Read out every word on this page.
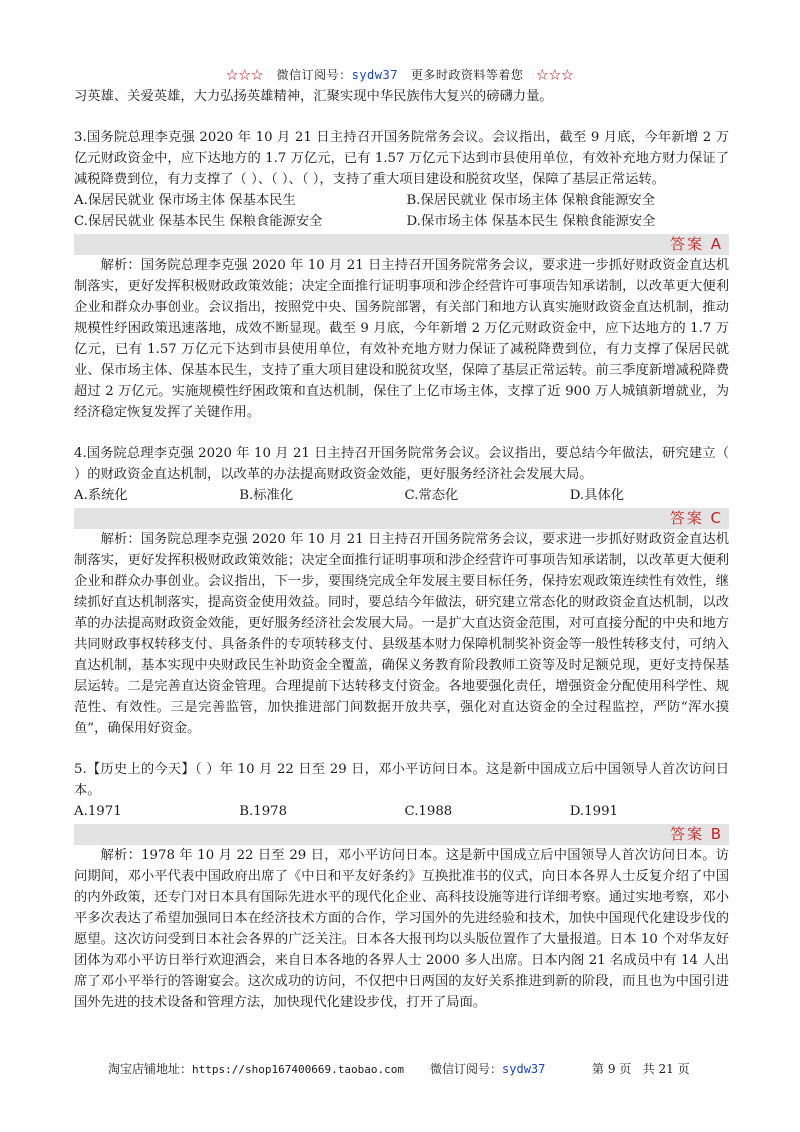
☆☆☆ 微信订阅号：sydw37 更多时政资料等着您 ☆☆☆

习英雄、关爱英雄，大力弘扬英雄精神，汇聚实现中华民族伟大复兴的磅礴力量。

3.国务院总理李克强 2020 年 10 月 21 日主持召开国务院常务会议。会议指出，截至 9 月底，今年新增 2 万亿元财政资金中，应下达地方的 1.7 万亿元，已有 1.57 万亿元下达到市县使用单位，有效补充地方财力保证了减税降费到位，有力支撑了（ ）、（ ）、（ ），支持了重大项目建设和脱贫攻坚，保障了基层正常运转。

A.保居民就业 保市场主体 保基本民生	B.保居民就业 保市场主体 保粮食能源安全
C.保居民就业 保基本民生 保粮食能源安全	D.保市场主体 保基本民生 保粮食能源安全
答案 A

解析：国务院总理李克强 2020 年 10 月 21 日主持召开国务院常务会议，要求进一步抓好财政资金直达机制落实，更好发挥积极财政政策效能；决定全面推行证明事项和涉企经营许可事项告知承诺制，以改革更大便利企业和群众办事创业。会议指出，按照党中央、国务院部署，有关部门和地方认真实施财政资金直达机制，推动规模性纾困政策迅速落地，成效不断显现。截至 9 月底，今年新增 2 万亿元财政资金中，应下达地方的 1.7 万亿元，已有 1.57 万亿元下达到市县使用单位，有效补充地方财力保证了减税降费到位，有力支撑了保居民就业、保市场主体、保基本民生，支持了重大项目建设和脱贫攻坚，保障了基层正常运转。前三季度新增减税降费超过 2 万亿元。实施规模性纾困政策和直达机制，保住了上亿市场主体，支撑了近 900 万人城镇新增就业，为经济稳定恢复发挥了关键作用。

4.国务院总理李克强 2020 年 10 月 21 日主持召开国务院常务会议。会议指出，要总结今年做法，研究建立（ ）的财政资金直达机制，以改革的办法提高财政资金效能，更好服务经济社会发展大局。

A.系统化	B.标准化	C.常态化	D.具体化
答案 C

解析：国务院总理李克强 2020 年 10 月 21 日主持召开国务院常务会议，要求进一步抓好财政资金直达机制落实，更好发挥积极财政政策效能；决定全面推行证明事项和涉企经营许可事项告知承诺制，以改革更大便利企业和群众办事创业。会议指出，下一步，要围绕完成全年发展主要目标任务，保持宏观政策连续性有效性，继续抓好直达机制落实，提高资金使用效益。同时，要总结今年做法，研究建立常态化的财政资金直达机制，以改革的办法提高财政资金效能，更好服务经济社会发展大局。一是扩大直达资金范围，对可直接分配的中央和地方共同财政事权转移支付、具备条件的专项转移支付、县级基本财力保障机制奖补资金等一般性转移支付，可纳入直达机制，基本实现中央财政民生补助资金全覆盖，确保义务教育阶段教师工资等及时足额兑现，更好支持保基层运转。二是完善直达资金管理。合理提前下达转移支付资金。各地要强化责任，增强资金分配使用科学性、规范性、有效性。三是完善监管，加快推进部门间数据开放共享，强化对直达资金的全过程监控，严防“浑水摸鱼”，确保用好资金。

5.【历史上的今天】（ ）年 10 月 22 日至 29 日，邓小平访问日本。这是新中国成立后中国领导人首次访问日本。

A.1971	B.1978	C.1988	D.1991
答案 B

解析：1978 年 10 月 22 日至 29 日，邓小平访问日本。这是新中国成立后中国领导人首次访问日本。访问期间，邓小平代表中国政府出席了《中日和平友好条约》互换批准书的仪式，向日本各界人士反复介绍了中国的内外政策，还专门对日本具有国际先进水平的现代化企业、高科技设施等进行详细考察。通过实地考察，邓小平多次表达了希望加强同日本在经济技术方面的合作，学习国外的先进经验和技术，加快中国现代化建设步伐的愿望。这次访问受到日本社会各界的广泛关注。日本各大报刊均以头版位置作了大量报道。日本 10 个对华友好团体为邓小平访日举行欢迎酒会，来自日本各地的各界人士 2000 多人出席。日本内阁 21 名成员中有 14 人出席了邓小平举行的答谢宴会。这次成功的访问，不仅把中日两国的友好关系推进到新的阶段，而且也为中国引进国外先进的技术设备和管理方法，加快现代化建设步伐，打开了局面。

淘宝店铺地址：https://shop167400669.taobao.com 微信订阅号：sydw37	第 9 页 共 21 页
